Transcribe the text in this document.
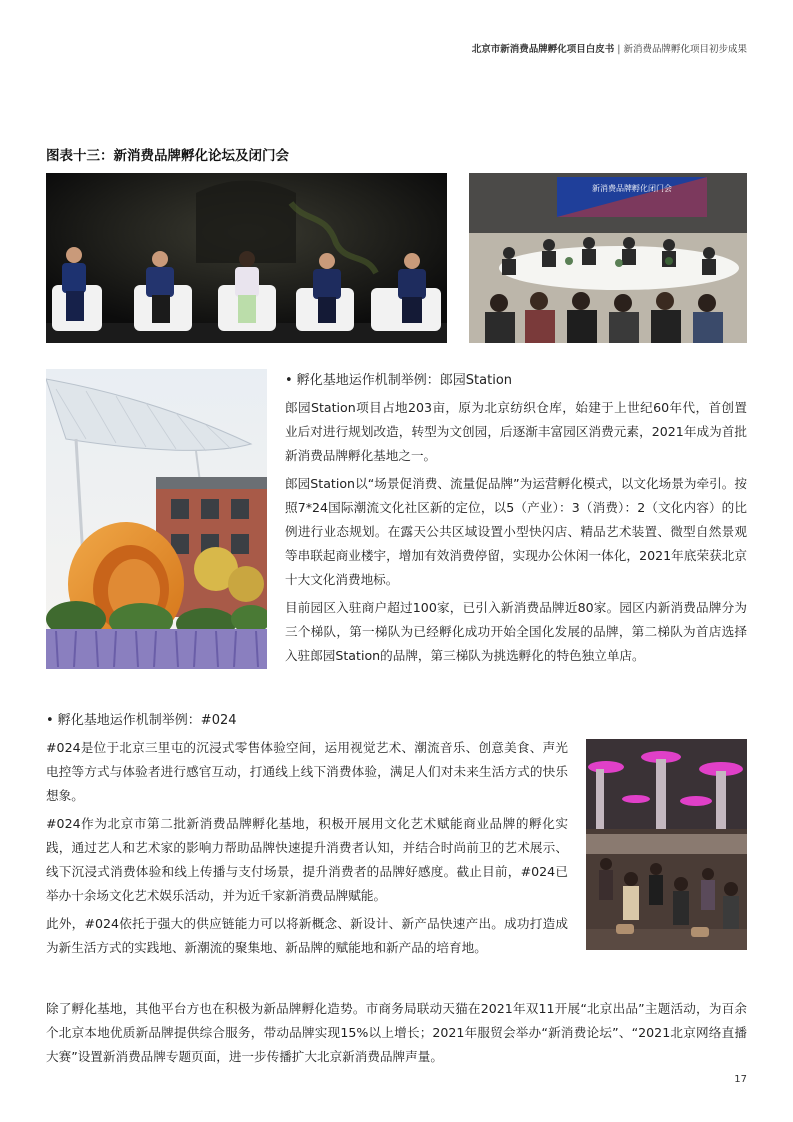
北京市新消费品牌孵化项目白皮书 | 新消费品牌孵化项目初步成果
图表十三：新消费品牌孵化论坛及闭门会
新消费品牌孵化闭门会

• 孵化基地运作机制举例：郎园Station

郎园Station项目占地203亩，原为北京纺织仓库，始建于上世纪60年代，首创置业后对进行规划改造，转型为文创园，后逐渐丰富园区消费元素，2021年成为首批新消费品牌孵化基地之一。

郎园Station以“场景促消费、流量促品牌”为运营孵化模式，以文化场景为牵引。按照7*24国际潮流文化社区新的定位，以5（产业）：3（消费）：2（文化内容）的比例进行业态规划。在露天公共区域设置小型快闪店、精品艺术装置、微型自然景观等串联起商业楼宇，增加有效消费停留，实现办公休闲一体化，2021年底荣获北京十大文化消费地标。

目前园区入驻商户超过100家，已引入新消费品牌近80家。园区内新消费品牌分为三个梯队，第一梯队为已经孵化成功开始全国化发展的品牌，第二梯队为首店选择入驻郎园Station的品牌，第三梯队为挑选孵化的特色独立单店。

• 孵化基地运作机制举例：#024

#024是位于北京三里屯的沉浸式零售体验空间，运用视觉艺术、潮流音乐、创意美食、声光电控等方式与体验者进行感官互动，打通线上线下消费体验，满足人们对未来生活方式的快乐想象。

#024作为北京市第二批新消费品牌孵化基地，积极开展用文化艺术赋能商业品牌的孵化实践，通过艺人和艺术家的影响力帮助品牌快速提升消费者认知，并结合时尚前卫的艺术展示、线下沉浸式消费体验和线上传播与支付场景，提升消费者的品牌好感度。截止目前，#024已举办十余场文化艺术娱乐活动，并为近千家新消费品牌赋能。

此外，#024依托于强大的供应链能力可以将新概念、新设计、新产品快速产出。成功打造成为新生活方式的实践地、新潮流的聚集地、新品牌的赋能地和新产品的培育地。

除了孵化基地，其他平台方也在积极为新品牌孵化造势。市商务局联动天猫在2021年双11开展“北京出品”主题活动，为百余个北京本地优质新品牌提供综合服务，带动品牌实现15%以上增长；2021年服贸会举办“新消费论坛”、“2021北京网络直播大赛”设置新消费品牌专题页面，进一步传播扩大北京新消费品牌声量。

17
